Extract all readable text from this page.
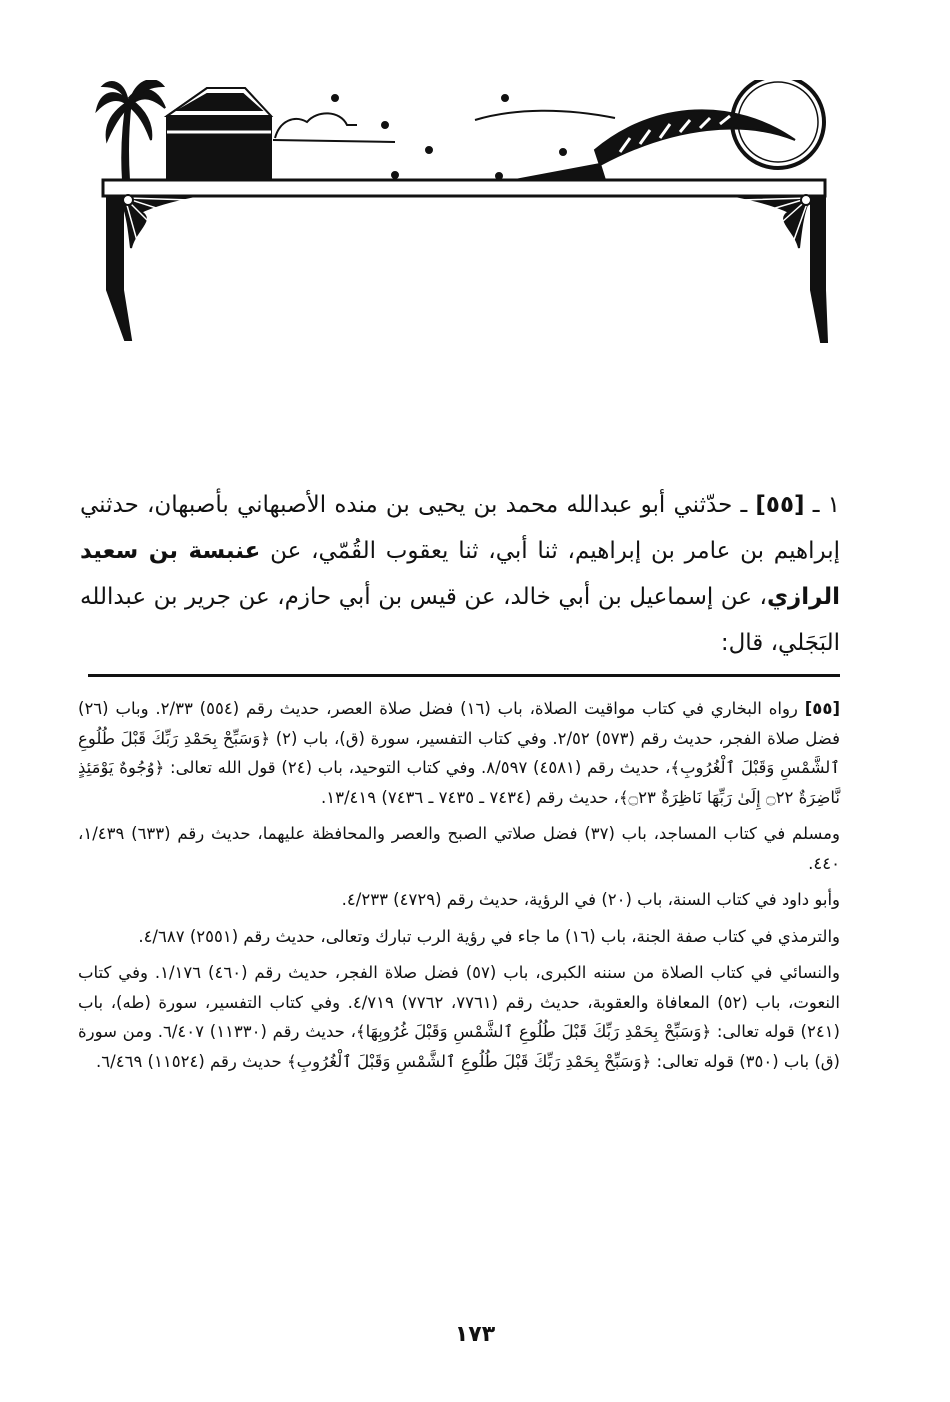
١ ـ [٥٥] ـ حدّثني أبو عبدالله محمد بن يحيى بن منده الأصبهاني بأصبهان، حدثني إبراهيم بن عامر بن إبراهيم، ثنا أبي، ثنا يعقوب القُمّي، عن عنبسة بن سعيد الرازي، عن إسماعيل بن أبي خالد، عن قيس بن أبي حازم، عن جرير بن عبدالله البَجَلي، قال:

[٥٥] رواه البخاري في كتاب مواقيت الصلاة، باب (١٦) فضل صلاة العصر، حديث رقم (٥٥٤) ٢/٣٣. وباب (٢٦) فضل صلاة الفجر، حديث رقم (٥٧٣) ٢/٥٢. وفي كتاب التفسير، سورة (ق)، باب (٢) ﴿وَسَبِّحْ بِحَمْدِ رَبِّكَ قَبْلَ طُلُوعِ ٱلشَّمْسِ وَقَبْلَ ٱلْغُرُوبِ﴾، حديث رقم (٤٥٨١) ٨/٥٩٧. وفي كتاب التوحيد، باب (٢٤) قول الله تعالى: ﴿وُجُوهٌ يَوْمَئِذٍ نَّاضِرَةٌ ۝٢٢ إِلَىٰ رَبِّهَا نَاظِرَةٌ ۝٢٣﴾، حديث رقم (٧٤٣٤ ـ ٧٤٣٥ ـ ٧٤٣٦) ١٣/٤١٩.

ومسلم في كتاب المساجد، باب (٣٧) فضل صلاتي الصبح والعصر والمحافظة عليهما، حديث رقم (٦٣٣) ١/٤٣٩، ٤٤٠.

وأبو داود في كتاب السنة، باب (٢٠) في الرؤية، حديث رقم (٤٧٢٩) ٤/٢٣٣.

والترمذي في كتاب صفة الجنة، باب (١٦) ما جاء في رؤية الرب تبارك وتعالى، حديث رقم (٢٥٥١) ٤/٦٨٧.

والنسائي في كتاب الصلاة من سننه الكبرى، باب (٥٧) فضل صلاة الفجر، حديث رقم (٤٦٠) ١/١٧٦. وفي كتاب النعوت، باب (٥٢) المعافاة والعقوبة، حديث رقم (٧٧٦١، ٧٧٦٢) ٤/٧١٩. وفي كتاب التفسير، سورة (طه)، باب (٢٤١) قوله تعالى: ﴿وَسَبِّحْ بِحَمْدِ رَبِّكَ قَبْلَ طُلُوعِ ٱلشَّمْسِ وَقَبْلَ غُرُوبِهَا﴾، حديث رقم (١١٣٣٠) ٦/٤٠٧. ومن سورة (ق) باب (٣٥٠) قوله تعالى: ﴿وَسَبِّحْ بِحَمْدِ رَبِّكَ قَبْلَ طُلُوعِ ٱلشَّمْسِ وَقَبْلَ ٱلْغُرُوبِ﴾ حديث رقم (١١٥٢٤) ٦/٤٦٩.

١٧٣
